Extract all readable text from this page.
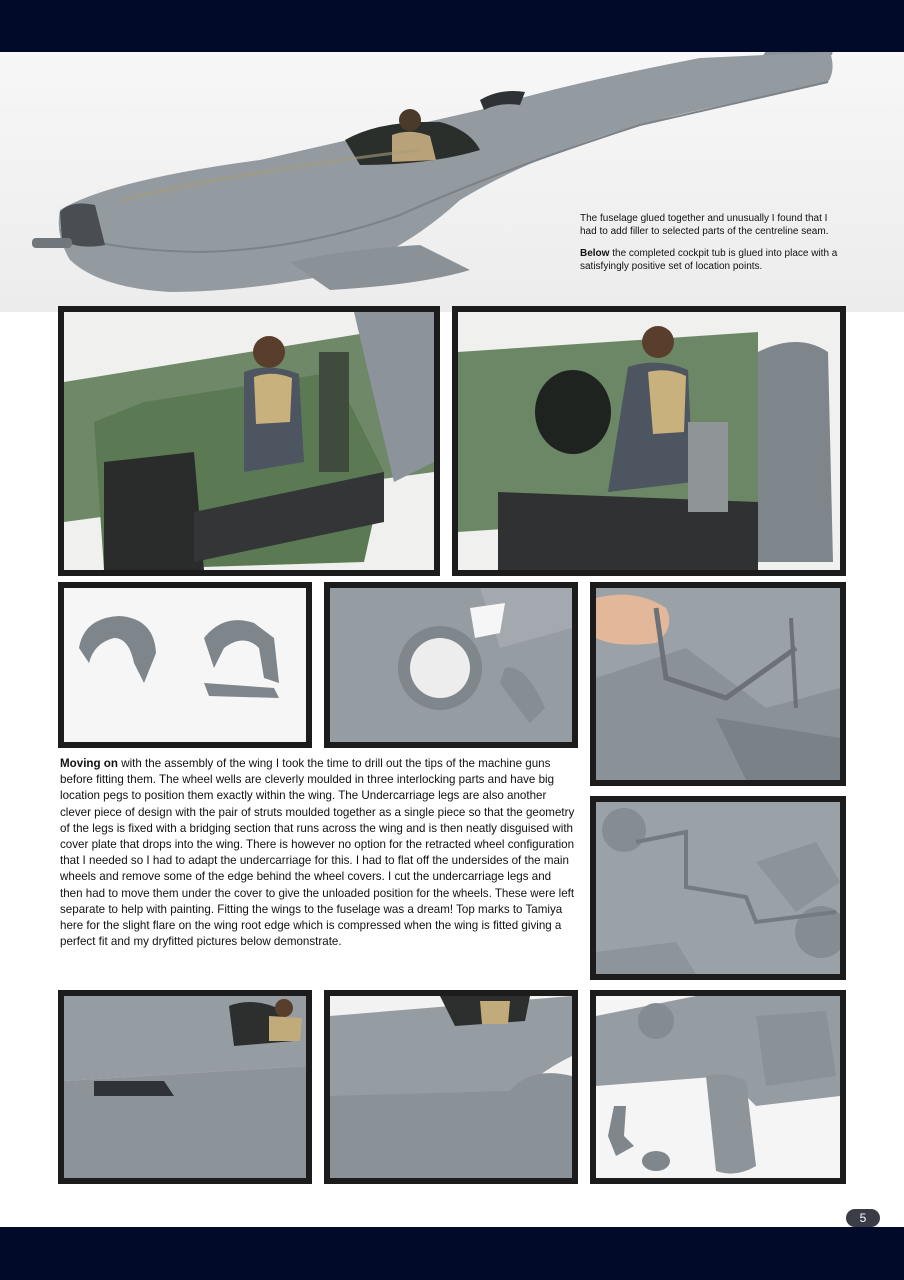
The fuselage glued together and unusually I found that I had to add filler to selected parts of the centreline seam.

Below the completed cockpit tub is glued into place with a satisfyingly positive set of location points.

Moving on with the assembly of the wing I took the time to drill out the tips of the machine guns before fitting them. The wheel wells are cleverly moulded in three interlocking parts and have big location pegs to position them exactly within the wing. The Undercarriage legs are also another clever piece of design with the pair of struts moulded together as a single piece so that the geometry of the legs is fixed with a bridging section that runs across the wing and is then neatly disguised with cover plate that drops into the wing. There is however no option for the retracted wheel configuration that I needed so I had to adapt the undercarriage for this. I had to flat off the undersides of the main wheels and remove some of the edge behind the wheel covers. I cut the undercarriage legs and then had to move them under the cover to give the unloaded position for the wheels. These were left separate to help with painting. Fitting the wings to the fuselage was a dream! Top marks to Tamiya here for the slight flare on the wing root edge which is compressed when the wing is fitted giving a perfect fit and my dryfitted pictures below demonstrate.
5
